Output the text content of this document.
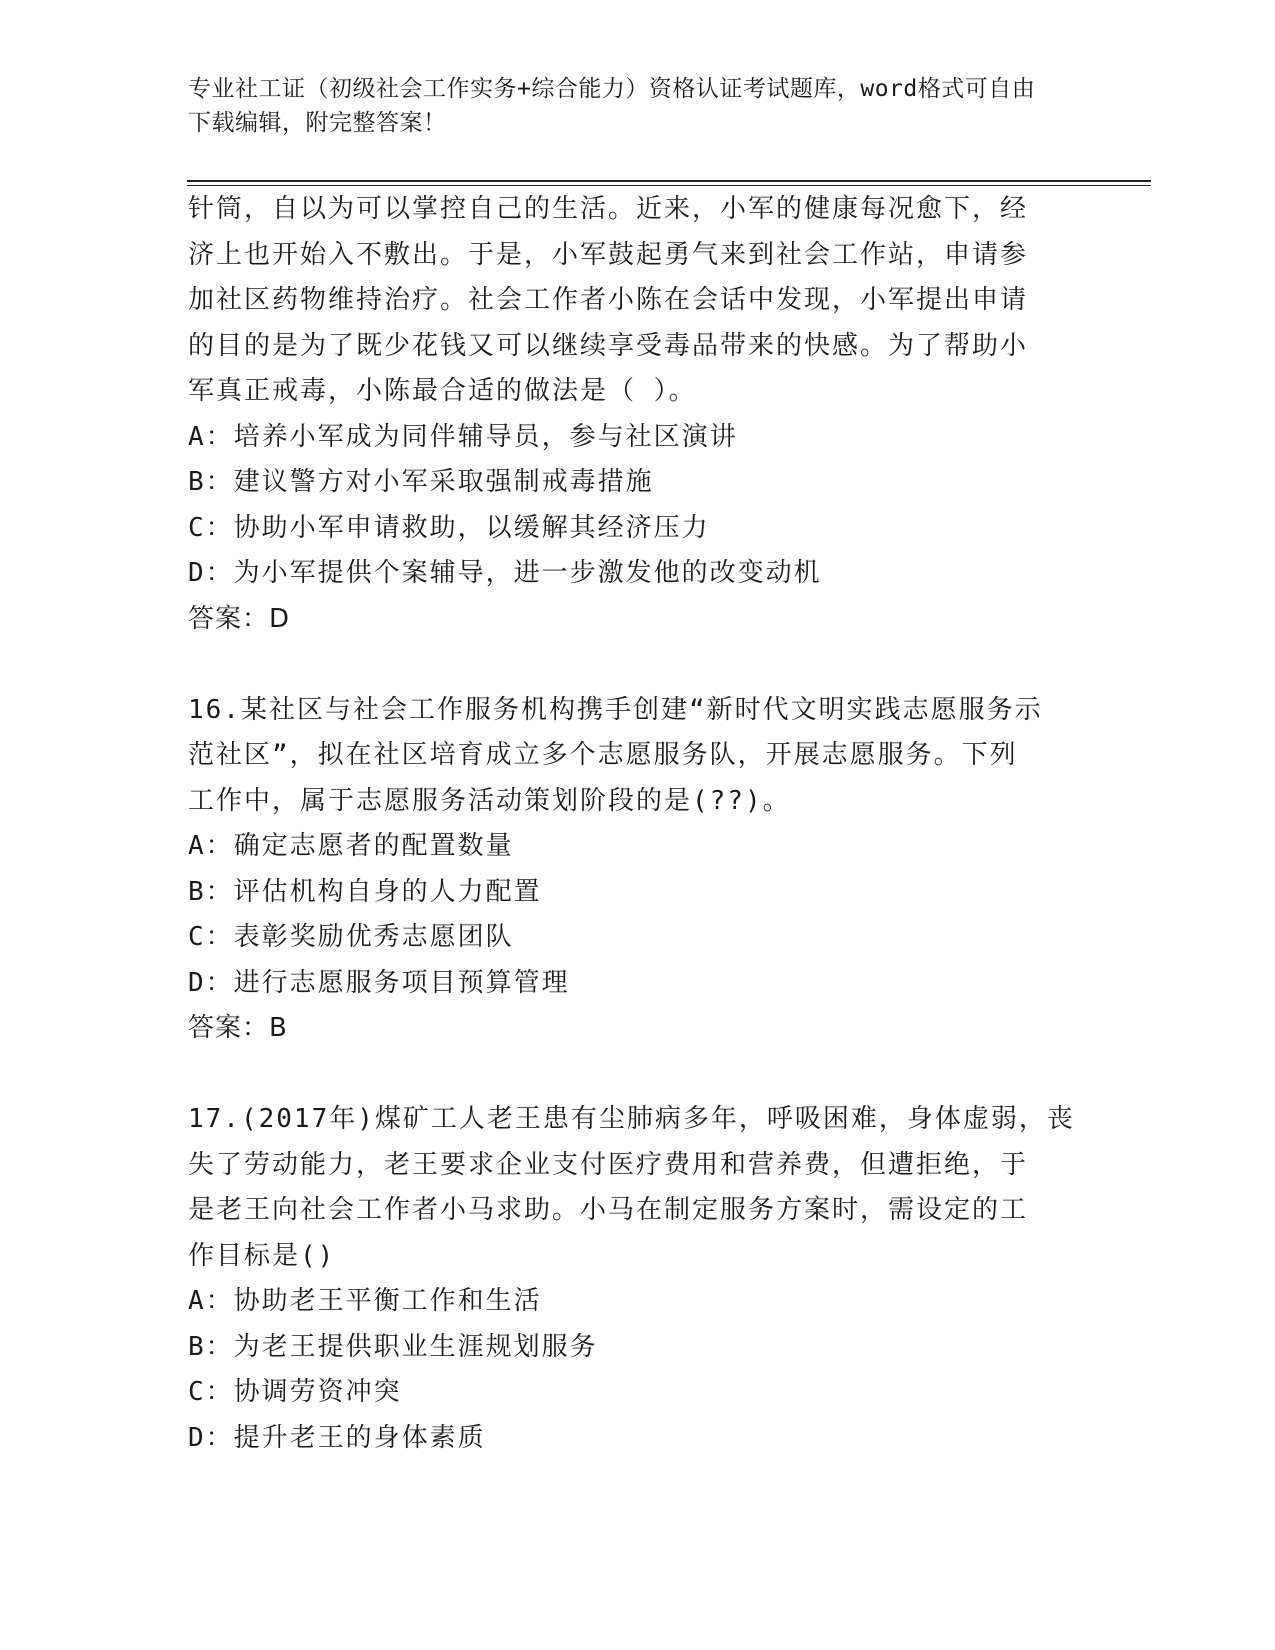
专业社工证（初级社会工作实务+综合能力）资格认证考试题库，word格式可自由
下载编辑，附完整答案！
针筒，自以为可以掌控自己的生活。近来，小军的健康每况愈下，经
济上也开始入不敷出。于是，小军鼓起勇气来到社会工作站，申请参
加社区药物维持治疗。社会工作者小陈在会话中发现，小军提出申请
的目的是为了既少花钱又可以继续享受毒品带来的快感。为了帮助小
军真正戒毒，小陈最合适的做法是（ ）。
A：培养小军成为同伴辅导员，参与社区演讲
B：建议警方对小军采取强制戒毒措施
C：协助小军申请救助，以缓解其经济压力
D：为小军提供个案辅导，进一步激发他的改变动机
答案：D
16.某社区与社会工作服务机构携手创建“新时代文明实践志愿服务示
范社区”，拟在社区培育成立多个志愿服务队，开展志愿服务。下列
工作中，属于志愿服务活动策划阶段的是(??)。
A：确定志愿者的配置数量
B：评估机构自身的人力配置
C：表彰奖励优秀志愿团队
D：进行志愿服务项目预算管理
答案：B
17.(2017年)煤矿工人老王患有尘肺病多年，呼吸困难，身体虚弱，丧
失了劳动能力，老王要求企业支付医疗费用和营养费，但遭拒绝，于
是老王向社会工作者小马求助。小马在制定服务方案时，需设定的工
作目标是()
A：协助老王平衡工作和生活
B：为老王提供职业生涯规划服务
C：协调劳资冲突
D：提升老王的身体素质
